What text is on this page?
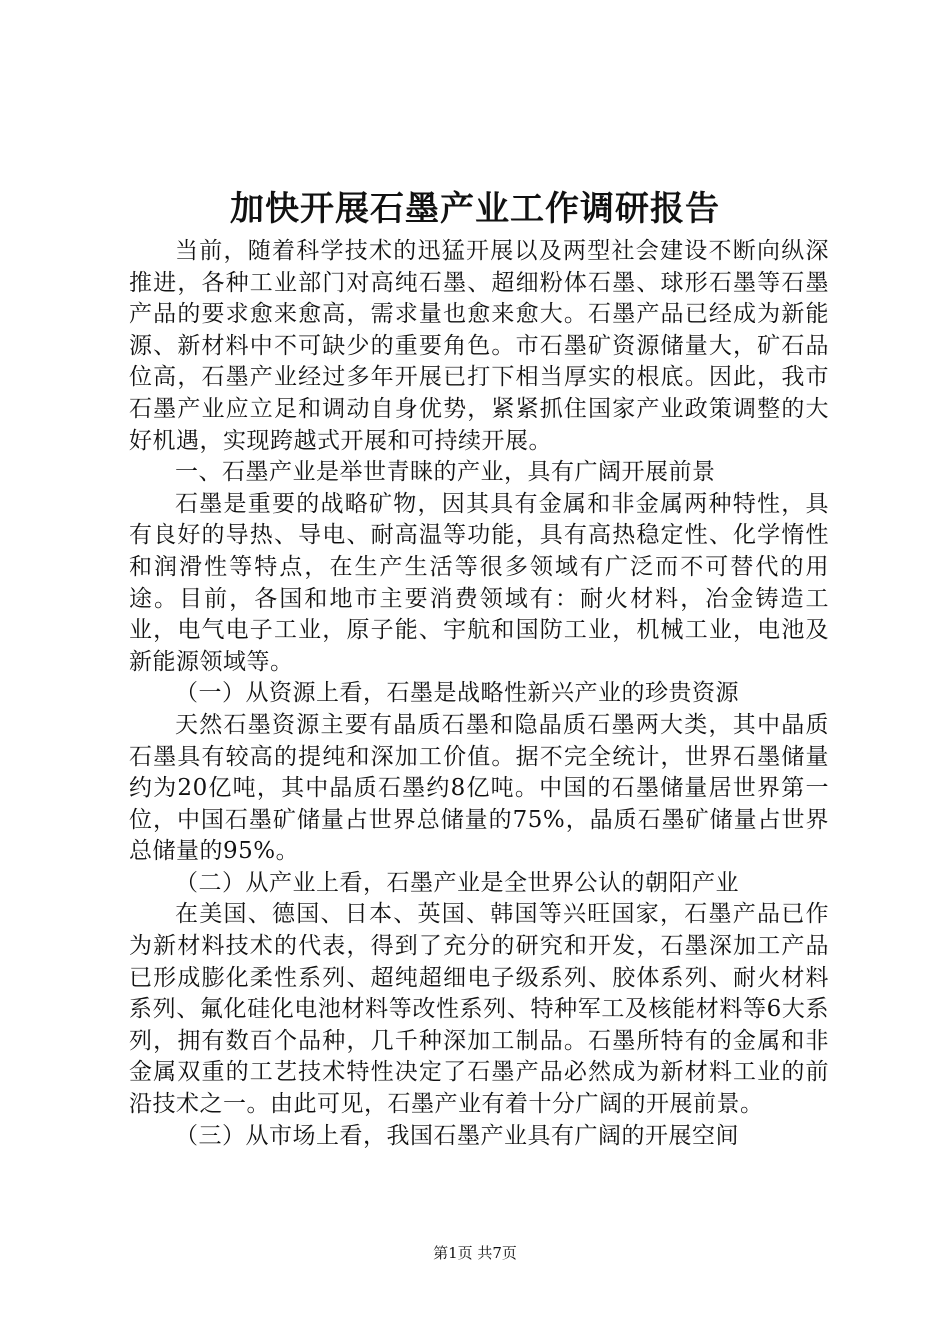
加快开展石墨产业工作调研报告

当前，随着科学技术的迅猛开展以及两型社会建设不断向纵深推进，各种工业部门对高纯石墨、超细粉体石墨、球形石墨等石墨产品的要求愈来愈高，需求量也愈来愈大。石墨产品已经成为新能源、新材料中不可缺少的重要角色。市石墨矿资源储量大，矿石品位高，石墨产业经过多年开展已打下相当厚实的根底。因此，我市石墨产业应立足和调动自身优势，紧紧抓住国家产业政策调整的大好机遇，实现跨越式开展和可持续开展。

一、石墨产业是举世青睐的产业，具有广阔开展前景

石墨是重要的战略矿物，因其具有金属和非金属两种特性，具有良好的导热、导电、耐高温等功能，具有高热稳定性、化学惰性和润滑性等特点，在生产生活等很多领域有广泛而不可替代的用途。目前，各国和地市主要消费领域有：耐火材料，冶金铸造工业，电气电子工业，原子能、宇航和国防工业，机械工业，电池及新能源领域等。

（一）从资源上看，石墨是战略性新兴产业的珍贵资源

天然石墨资源主要有晶质石墨和隐晶质石墨两大类，其中晶质石墨具有较高的提纯和深加工价值。据不完全统计，世界石墨储量约为20亿吨，其中晶质石墨约8亿吨。中国的石墨储量居世界第一位，中国石墨矿储量占世界总储量的75%，晶质石墨矿储量占世界总储量的95%。

（二）从产业上看，石墨产业是全世界公认的朝阳产业

在美国、德国、日本、英国、韩国等兴旺国家，石墨产品已作为新材料技术的代表，得到了充分的研究和开发，石墨深加工产品已形成膨化柔性系列、超纯超细电子级系列、胶体系列、耐火材料系列、氟化硅化电池材料等改性系列、特种军工及核能材料等6大系列，拥有数百个品种，几千种深加工制品。石墨所特有的金属和非金属双重的工艺技术特性决定了石墨产品必然成为新材料工业的前沿技术之一。由此可见，石墨产业有着十分广阔的开展前景。

（三）从市场上看，我国石墨产业具有广阔的开展空间

第1页 共7页
